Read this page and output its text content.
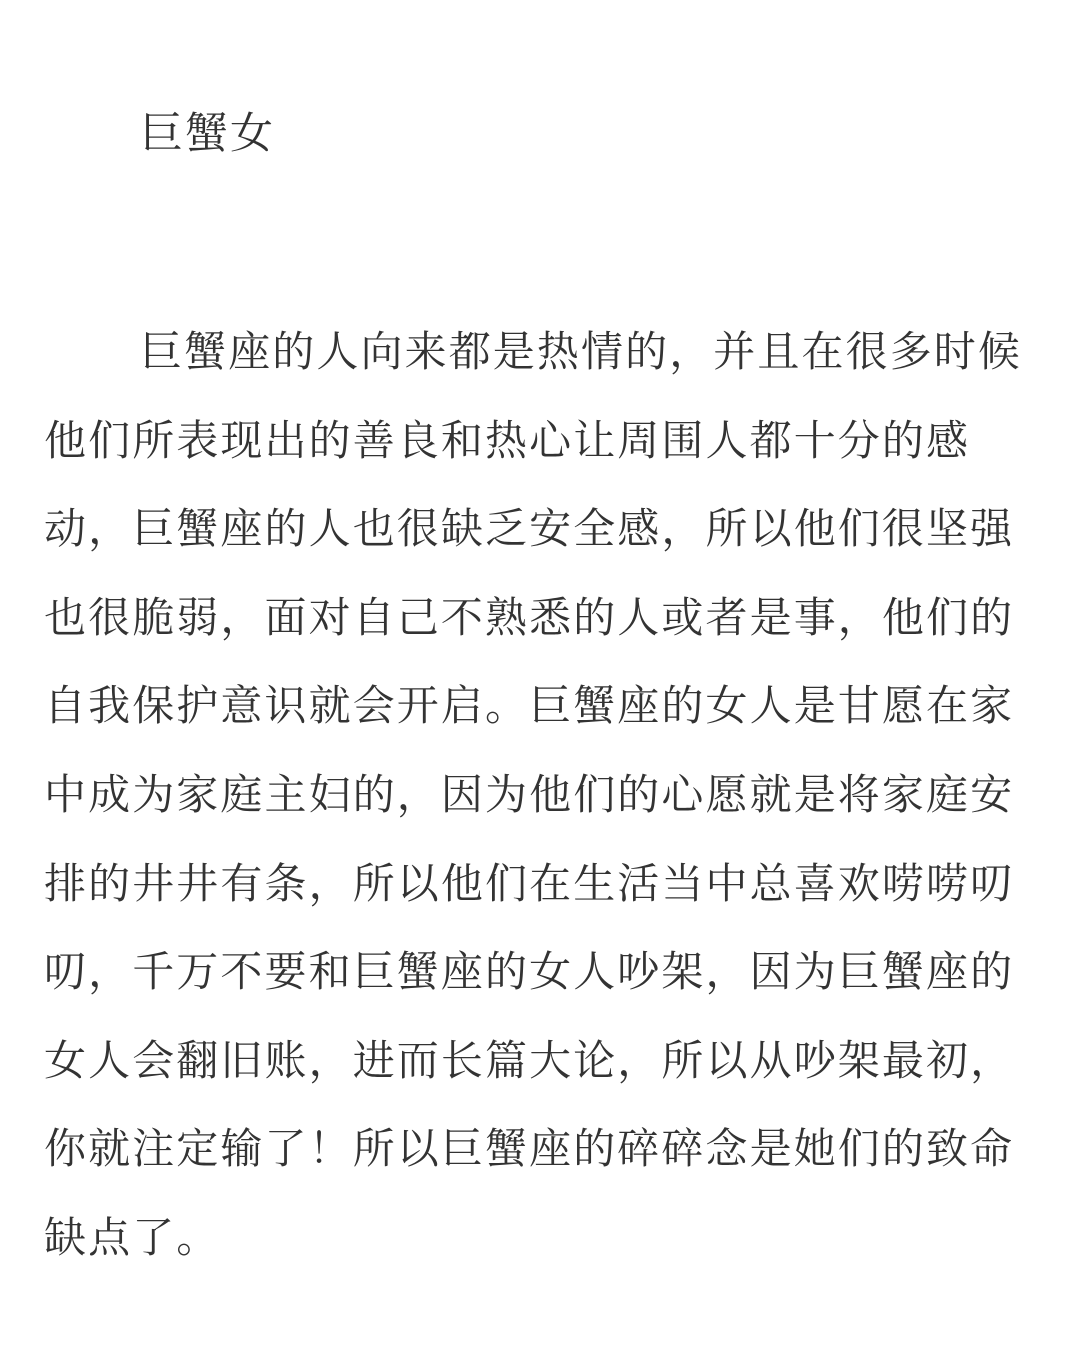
巨蟹女
巨蟹座的人向来都是热情的，并且在很多时候
他们所表现出的善良和热心让周围人都十分的感
动，巨蟹座的人也很缺乏安全感，所以他们很坚强
也很脆弱，面对自己不熟悉的人或者是事，他们的
自我保护意识就会开启。巨蟹座的女人是甘愿在家
中成为家庭主妇的，因为他们的心愿就是将家庭安
排的井井有条，所以他们在生活当中总喜欢唠唠叨
叨，千万不要和巨蟹座的女人吵架，因为巨蟹座的
女人会翻旧账，进而长篇大论，所以从吵架最初，
你就注定输了！所以巨蟹座的碎碎念是她们的致命
缺点了。
